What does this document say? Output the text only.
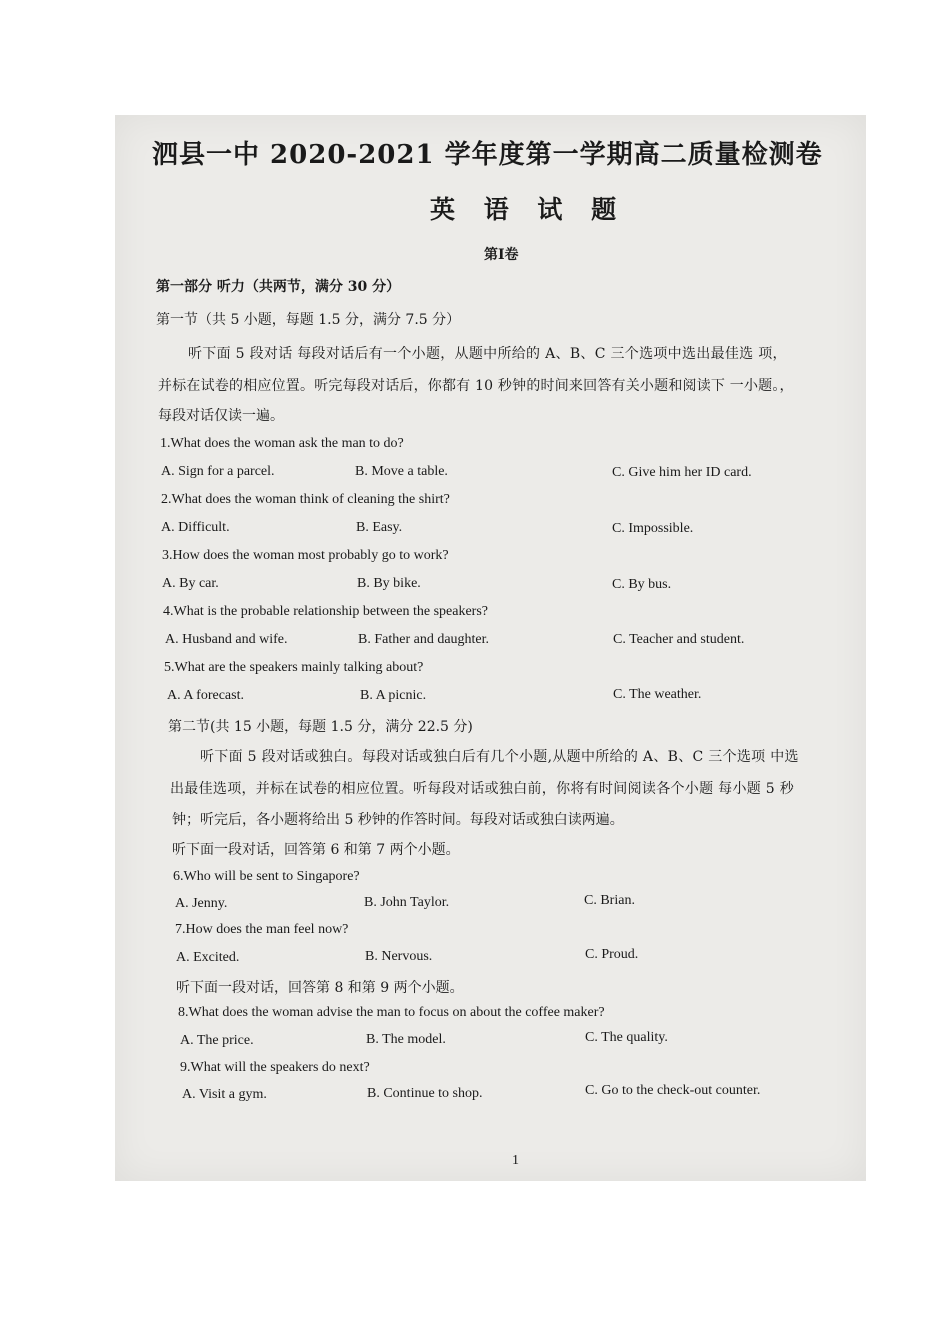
泗县一中 2020-2021 学年度第一学期高二质量检测卷
英 语 试 题
第Ⅰ卷
第一部分 听力（共两节，满分 30 分）
第一节（共 5 小题，每题 1.5 分，满分 7.5 分）
听下面 5 段对话 每段对话后有一个小题，从题中所给的 A、B、C 三个选项中选出最佳选 项，
并标在试卷的相应位置。听完每段对话后，你都有 10 秒钟的时间来回答有关小题和阅读下 一小题。，
每段对话仅读一遍。
1.What does the woman ask the man to do?
A. Sign for a parcel.	B. Move a table.	C. Give him her ID card.
2.What does the woman think of cleaning the shirt?
A. Difficult.	B. Easy.	C. Impossible.
3.How does the woman most probably go to work?
A. By car.	B. By bike.	C. By bus.
4.What is the probable relationship between the speakers?
A. Husband and wife.	B. Father and daughter.	C. Teacher and student.
5.What are the speakers mainly talking about?
A. A forecast.	B. A picnic.	C. The weather.
第二节(共 15 小题，每题 1.5 分，满分 22.5 分)
听下面 5 段对话或独白。每段对话或独白后有几个小题,从题中所给的 A、B、C 三个选项 中选
出最佳选项，并标在试卷的相应位置。听每段对话或独白前，你将有时间阅读各个小题 每小题 5 秒
钟；听完后，各小题将给出 5 秒钟的作答时间。每段对话或独白读两遍。
听下面一段对话，回答第 6 和第 7 两个小题。
6.Who will be sent to Singapore?
A. Jenny.	B. John Taylor.	C. Brian.
7.How does the man feel now?
A. Excited.	B. Nervous.	C. Proud.
听下面一段对话，回答第 8 和第 9 两个小题。
8.What does the woman advise the man to focus on about the coffee maker?
A. The price.	B. The model.	C. The quality.
9.What will the speakers do next?
A. Visit a gym.	B. Continue to shop.	C. Go to the check-out counter.
1
